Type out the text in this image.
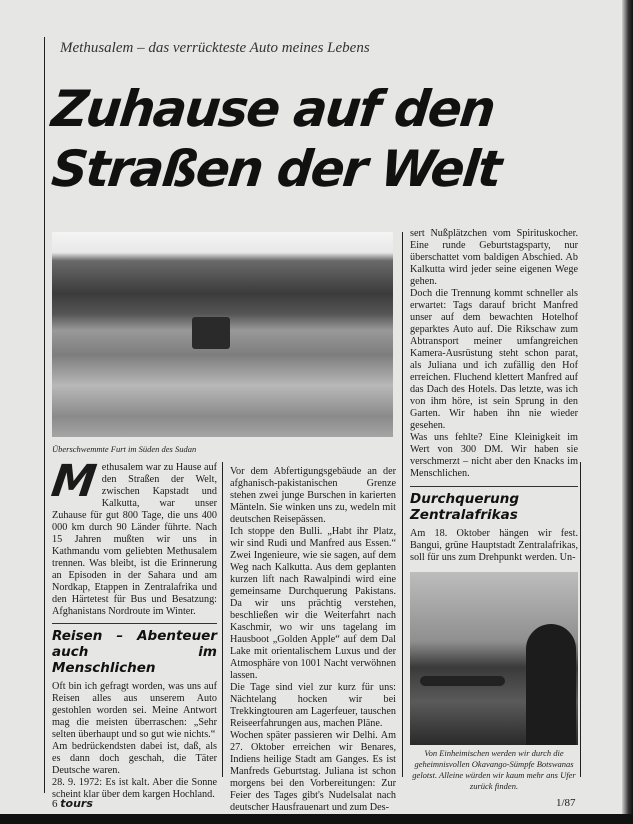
Methusalem – das verrückteste Auto meines Lebens
Zuhause auf den
Straßen der Welt
Überschwemmte Furt im Süden des Sudan
M ethusalem war zu Hause auf den Straßen der Welt, zwischen Kapstadt und Kalkutta, war unser Zuhause für gut 800 Tage, die uns 400 000 km durch 90 Länder führte. Nach 15 Jahren mußten wir uns in Kathmandu vom geliebten Methusalem trennen. Was bleibt, ist die Erinnerung an Episoden in der Sahara und am Nordkap, Etappen in Zentralafrika und den Härtetest für Bus und Besatzung: Afghanistans Nordroute im Winter.

Reisen – Abenteuer auch im Menschlichen

Oft bin ich gefragt worden, was uns auf Reisen alles aus unserem Auto gestohlen worden sei. Meine Antwort mag die meisten überraschen: „Sehr selten überhaupt und so gut wie nichts.“

Am bedrückendsten dabei ist, daß, als es dann doch geschah, die Täter Deutsche waren.

28. 9. 1972: Es ist kalt. Aber die Sonne scheint klar über dem kargen Hochland.

Vor dem Abfertigungsgebäude an der afghanisch-pakistanischen Grenze stehen zwei junge Burschen in karierten Mänteln. Sie winken uns zu, wedeln mit deutschen Reisepässen.

Ich stoppe den Bulli. „Habt ihr Platz, wir sind Rudi und Manfred aus Essen.“ Zwei Ingenieure, wie sie sagen, auf dem Weg nach Kalkutta. Aus dem geplanten kurzen lift nach Rawalpindi wird eine gemeinsame Durchquerung Pakistans. Da wir uns prächtig verstehen, beschließen wir die Weiterfahrt nach Kaschmir, wo wir uns tagelang im Hausboot „Golden Apple“ auf dem Dal Lake mit orientalischem Luxus und der Atmosphäre von 1001 Nacht verwöhnen lassen.

Die Tage sind viel zur kurz für uns: Nächtelang hocken wir bei Trekkingtouren am Lagerfeuer, tauschen Reiseerfahrungen aus, machen Pläne.

Wochen später passieren wir Delhi. Am 27. Oktober erreichen wir Benares, Indiens heilige Stadt am Ganges. Es ist Manfreds Geburtstag. Juliana ist schon morgens bei den Vorbereitungen: Zur Feier des Tages gibt's Nudelsalat nach deutscher Hausfrauenart und zum Des-

sert Nußplätzchen vom Spirituskocher. Eine runde Geburtstagsparty, nur überschattet vom baldigen Abschied. Ab Kalkutta wird jeder seine eigenen Wege gehen.

Doch die Trennung kommt schneller als erwartet: Tags darauf bricht Manfred unser auf dem bewachten Hotelhof geparktes Auto auf. Die Rikschaw zum Abtransport meiner umfangreichen Kamera-Ausrüstung steht schon parat, als Juliana und ich zufällig den Hof erreichen. Fluchend klettert Manfred auf das Dach des Hotels. Das letzte, was ich von ihm höre, ist sein Sprung in den Garten. Wir haben ihn nie wieder gesehen.

Was uns fehlte? Eine Kleinigkeit im Wert von 300 DM. Wir haben sie verschmerzt – nicht aber den Knacks im Menschlichen.

Durchquerung Zentralafrikas

Am 18. Oktober hängen wir fest. Bangui, grüne Hauptstadt Zentralafrikas, soll für uns zum Drehpunkt werden. Un-

Von Einheimischen werden wir durch die geheimnisvollen Okavango-Sümpfe Botswanas gelotst. Alleine würden wir kaum mehr ans Ufer zurück finden.
6 tours	1/87
